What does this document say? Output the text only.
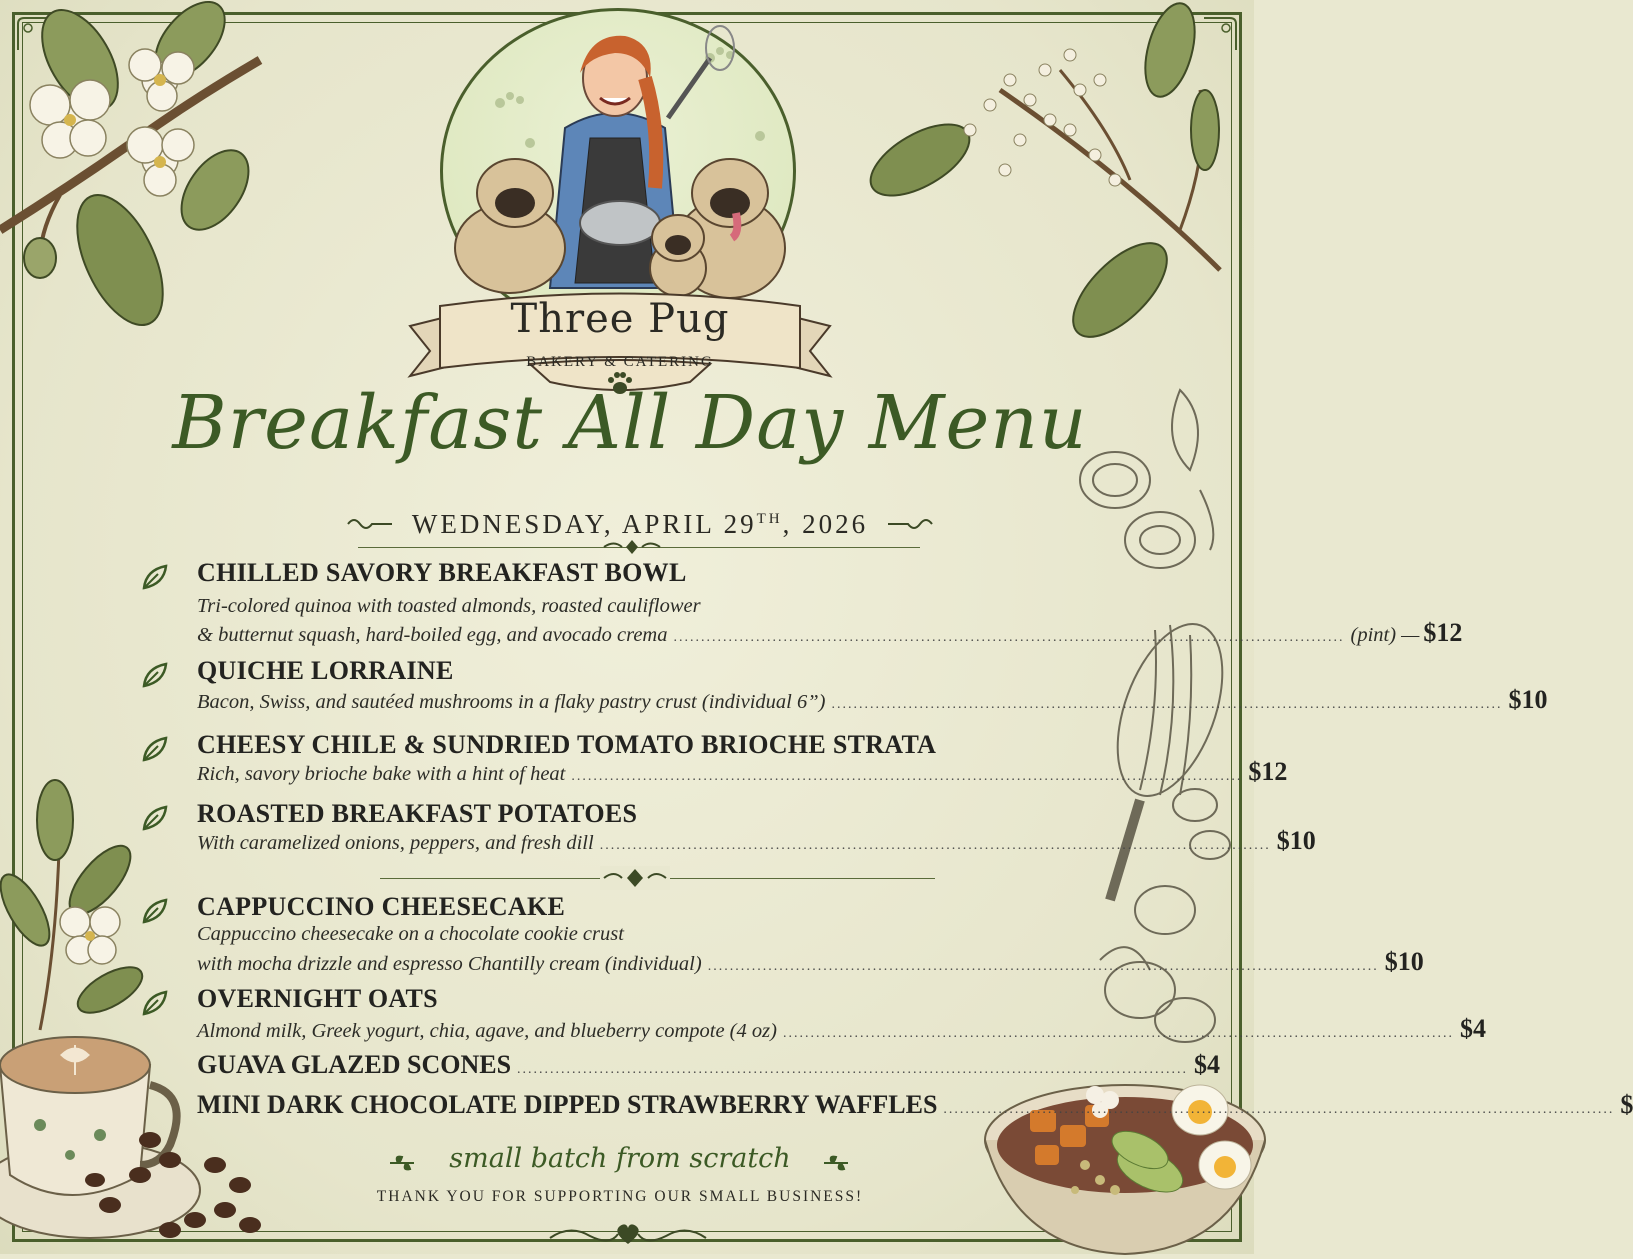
Three Pug
BAKERY & CATERING
Breakfast All Day Menu
WEDNESDAY, APRIL 29TH, 2026
CHILLED SAVORY BREAKFAST BOWL
Tri-colored quinoa with toasted almonds, roasted cauliflower
& butternut squash, hard-boiled egg, and avocado crema .......................................................................................................................... (pint) — $12
QUICHE LORRAINE
Bacon, Swiss, and sautéed mushrooms in a flaky pastry crust (individual 6”) .......................................................................................................................... $10
CHEESY CHILE & SUNDRIED TOMATO BRIOCHE STRATA
Rich, savory brioche bake with a hint of heat .......................................................................................................................... $12
ROASTED BREAKFAST POTATOES
With caramelized onions, peppers, and fresh dill .......................................................................................................................... $10
CAPPUCCINO CHEESECAKE
Cappuccino cheesecake on a chocolate cookie crust
with mocha drizzle and espresso Chantilly cream (individual) .......................................................................................................................... $10
OVERNIGHT OATS
Almond milk, Greek yogurt, chia, agave, and blueberry compote (4 oz) .......................................................................................................................... $4
GUAVA GLAZED SCONES .......................................................................................................................... $4
MINI DARK CHOCOLATE DIPPED STRAWBERRY WAFFLES .......................................................................................................................... $
small batch from scratch
THANK YOU FOR SUPPORTING OUR SMALL BUSINESS!
